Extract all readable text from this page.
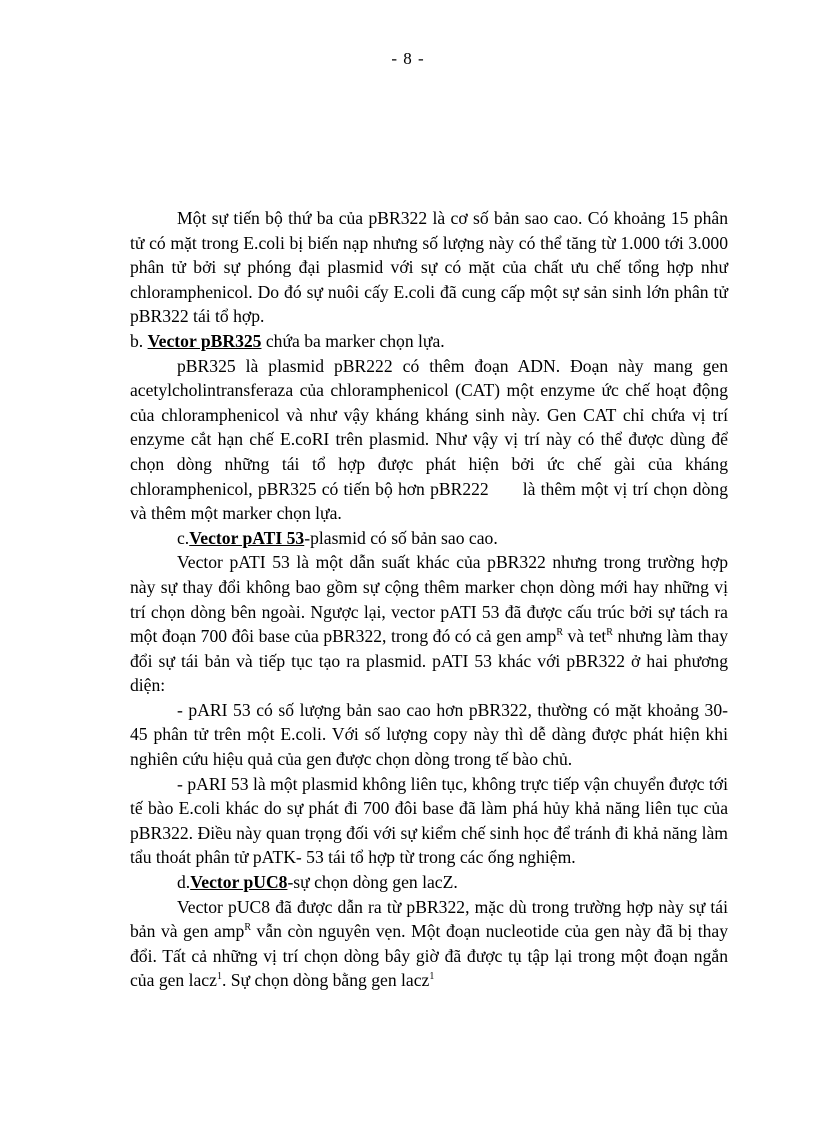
- 8 -

Một sự tiến bộ thứ ba của pBR322 là cơ số bản sao cao. Có khoảng 15 phân tử có mặt trong E.coli bị biến nạp nhưng số lượng này có thể tăng từ 1.000 tới 3.000 phân tử bởi sự phóng đại plasmid với sự có mặt của chất ưu chế tổng hợp như chloramphenicol. Do đó sự nuôi cấy E.coli đã cung cấp một sự sản sinh lớn phân tử pBR322 tái tổ hợp.

b. Vector pBR325 chứa ba marker chọn lựa.

pBR325 là plasmid pBR222 có thêm đoạn ADN. Đoạn này mang gen acetylcholintransferaza của chloramphenicol (CAT) một enzyme ức chế hoạt động của chloramphenicol và như vậy kháng kháng sinh này. Gen CAT chỉ chứa vị trí enzyme cắt hạn chế E.coRI trên plasmid. Như vậy vị trí này có thể được dùng để chọn dòng những tái tổ hợp được phát hiện bởi ức chế gài của kháng chloramphenicol, pBR325 có tiến bộ hơn pBR222 là thêm một vị trí chọn dòng và thêm một marker chọn lựa.

c.Vector pATI 53-plasmid có số bản sao cao.

Vector pATI 53 là một dẫn suất khác của pBR322 nhưng trong trường hợp này sự thay đổi không bao gồm sự cộng thêm marker chọn dòng mới hay những vị trí chọn dòng bên ngoài. Ngược lại, vector pATI 53 đã được cấu trúc bởi sự tách ra một đoạn 700 đôi base của pBR322, trong đó có cả gen amp$^R$ và tet$^R$ nhưng làm thay đổi sự tái bản và tiếp tục tạo ra plasmid. pATI 53 khác với pBR322 ở hai phương diện:

- pARI 53 có số lượng bản sao cao hơn pBR322, thường có mặt khoảng 30-45 phân tử trên một E.coli. Với số lượng copy này thì dễ dàng được phát hiện khi nghiên cứu hiệu quả của gen được chọn dòng trong tế bào chủ.

- pARI 53 là một plasmid không liên tục, không trực tiếp vận chuyển được tới tế bào E.coli khác do sự phát đi 700 đôi base đã làm phá hủy khả năng liên tục của pBR322. Điều này quan trọng đối với sự kiểm chế sinh học để tránh đi khả năng làm tẩu thoát phân tử pATK- 53 tái tổ hợp từ trong các ống nghiệm.

d.Vector pUC8-sự chọn dòng gen lacZ.

Vector pUC8 đã được dẫn ra từ pBR322, mặc dù trong trường hợp này sự tái bản và gen amp$^R$ vẫn còn nguyên vẹn. Một đoạn nucleotide của gen này đã bị thay đổi. Tất cả những vị trí chọn dòng bây giờ đã được tụ tập lại trong một đoạn ngắn của gen lacz$^1$. Sự chọn dòng bằng gen lacz$^1$
